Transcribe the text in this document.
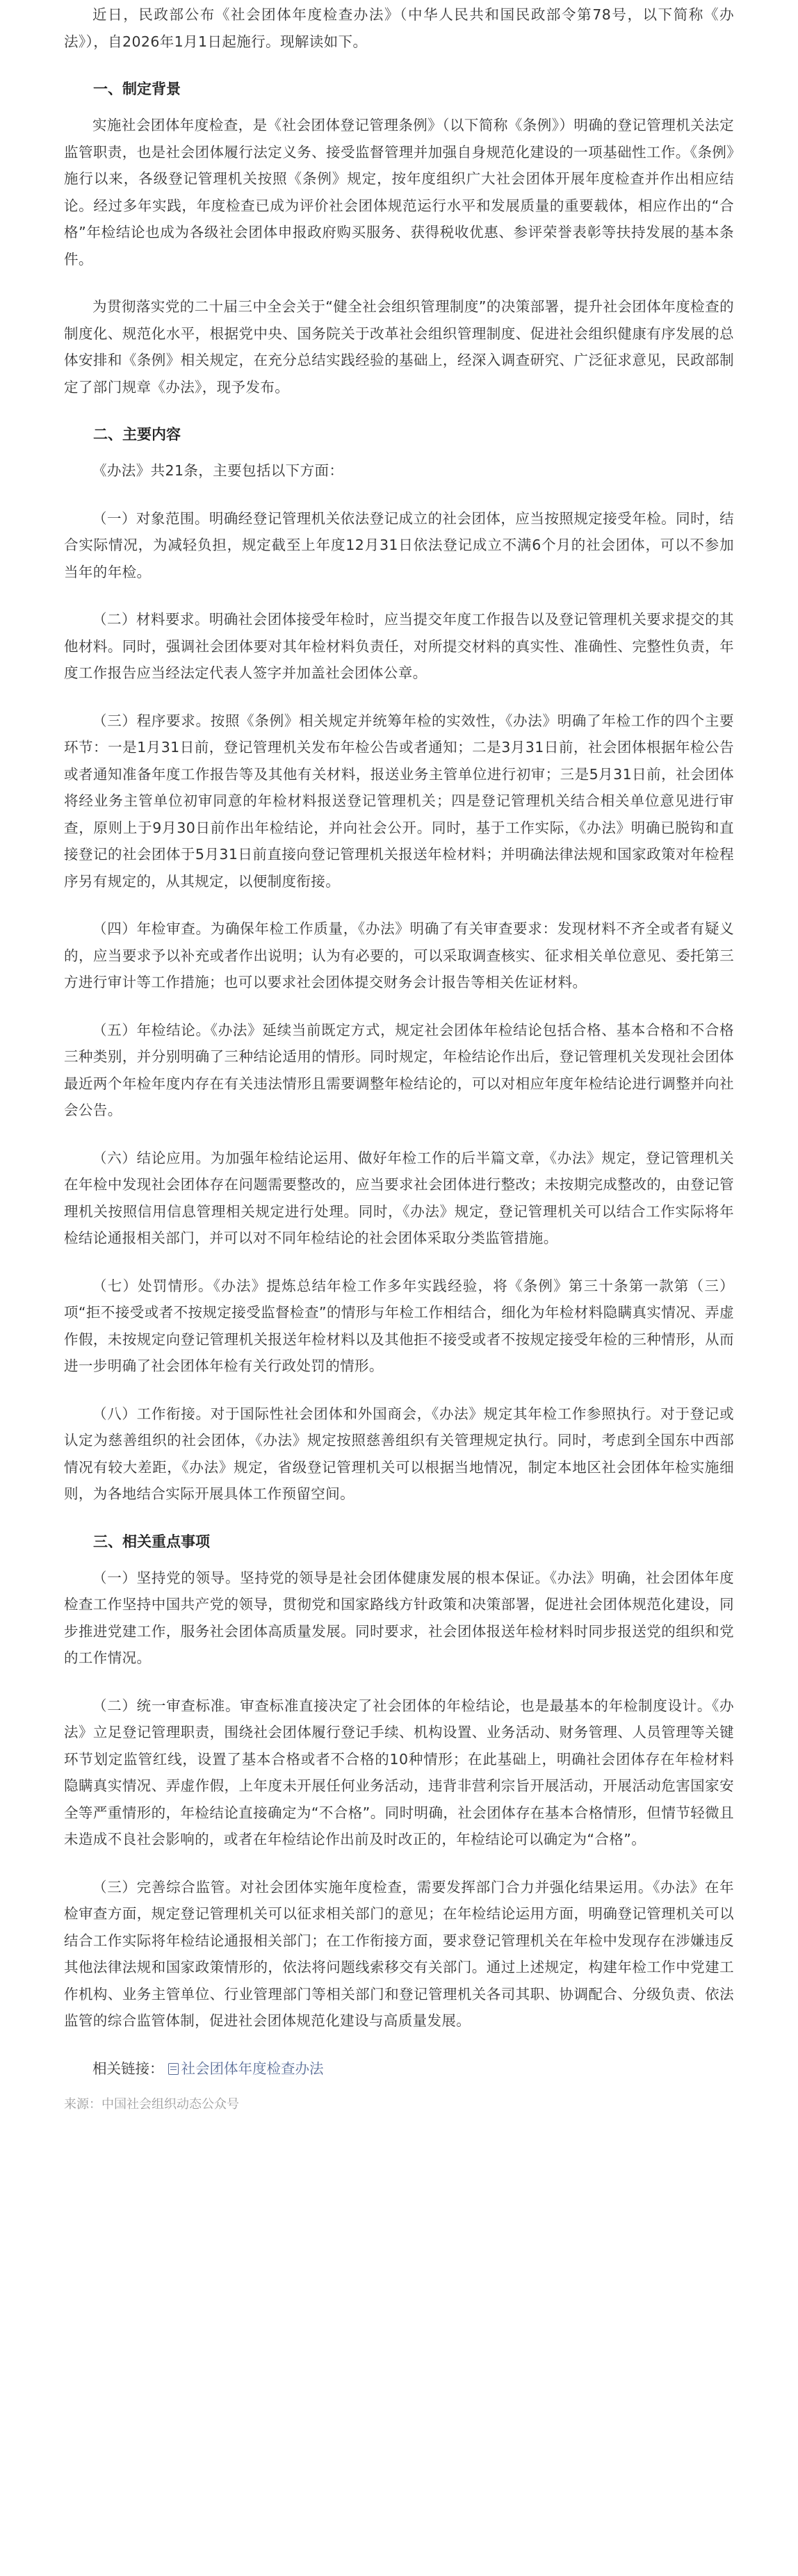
近日，民政部公布《社会团体年度检查办法》（中华人民共和国民政部令第78号，以下简称《办法》），自2026年1月1日起施行。现解读如下。

一、制定背景

实施社会团体年度检查，是《社会团体登记管理条例》（以下简称《条例》）明确的登记管理机关法定监管职责，也是社会团体履行法定义务、接受监督管理并加强自身规范化建设的一项基础性工作。《条例》施行以来，各级登记管理机关按照《条例》规定，按年度组织广大社会团体开展年度检查并作出相应结论。经过多年实践，年度检查已成为评价社会团体规范运行水平和发展质量的重要载体，相应作出的“合格”年检结论也成为各级社会团体申报政府购买服务、获得税收优惠、参评荣誉表彰等扶持发展的基本条件。

为贯彻落实党的二十届三中全会关于“健全社会组织管理制度”的决策部署，提升社会团体年度检查的制度化、规范化水平，根据党中央、国务院关于改革社会组织管理制度、促进社会组织健康有序发展的总体安排和《条例》相关规定，在充分总结实践经验的基础上，经深入调查研究、广泛征求意见，民政部制定了部门规章《办法》，现予发布。

二、主要内容

《办法》共21条，主要包括以下方面：

（一）对象范围。明确经登记管理机关依法登记成立的社会团体，应当按照规定接受年检。同时，结合实际情况，为减轻负担，规定截至上年度12月31日依法登记成立不满6个月的社会团体，可以不参加当年的年检。

（二）材料要求。明确社会团体接受年检时，应当提交年度工作报告以及登记管理机关要求提交的其他材料。同时，强调社会团体要对其年检材料负责任，对所提交材料的真实性、准确性、完整性负责，年度工作报告应当经法定代表人签字并加盖社会团体公章。

（三）程序要求。按照《条例》相关规定并统筹年检的实效性，《办法》明确了年检工作的四个主要环节：一是1月31日前，登记管理机关发布年检公告或者通知；二是3月31日前，社会团体根据年检公告或者通知准备年度工作报告等及其他有关材料，报送业务主管单位进行初审；三是5月31日前，社会团体将经业务主管单位初审同意的年检材料报送登记管理机关；四是登记管理机关结合相关单位意见进行审查，原则上于9月30日前作出年检结论，并向社会公开。同时，基于工作实际，《办法》明确已脱钩和直接登记的社会团体于5月31日前直接向登记管理机关报送年检材料；并明确法律法规和国家政策对年检程序另有规定的，从其规定，以便制度衔接。

（四）年检审查。为确保年检工作质量，《办法》明确了有关审查要求：发现材料不齐全或者有疑义的，应当要求予以补充或者作出说明；认为有必要的，可以采取调查核实、征求相关单位意见、委托第三方进行审计等工作措施；也可以要求社会团体提交财务会计报告等相关佐证材料。

（五）年检结论。《办法》延续当前既定方式，规定社会团体年检结论包括合格、基本合格和不合格三种类别，并分别明确了三种结论适用的情形。同时规定，年检结论作出后，登记管理机关发现社会团体最近两个年检年度内存在有关违法情形且需要调整年检结论的，可以对相应年度年检结论进行调整并向社会公告。

（六）结论应用。为加强年检结论运用、做好年检工作的后半篇文章，《办法》规定，登记管理机关在年检中发现社会团体存在问题需要整改的，应当要求社会团体进行整改；未按期完成整改的，由登记管理机关按照信用信息管理相关规定进行处理。同时，《办法》规定，登记管理机关可以结合工作实际将年检结论通报相关部门，并可以对不同年检结论的社会团体采取分类监管措施。

（七）处罚情形。《办法》提炼总结年检工作多年实践经验，将《条例》第三十条第一款第（三）项“拒不接受或者不按规定接受监督检查”的情形与年检工作相结合，细化为年检材料隐瞒真实情况、弄虚作假，未按规定向登记管理机关报送年检材料以及其他拒不接受或者不按规定接受年检的三种情形，从而进一步明确了社会团体年检有关行政处罚的情形。

（八）工作衔接。对于国际性社会团体和外国商会，《办法》规定其年检工作参照执行。对于登记或认定为慈善组织的社会团体，《办法》规定按照慈善组织有关管理规定执行。同时，考虑到全国东中西部情况有较大差距，《办法》规定，省级登记管理机关可以根据当地情况，制定本地区社会团体年检实施细则，为各地结合实际开展具体工作预留空间。

三、相关重点事项

（一）坚持党的领导。坚持党的领导是社会团体健康发展的根本保证。《办法》明确，社会团体年度检查工作坚持中国共产党的领导，贯彻党和国家路线方针政策和决策部署，促进社会团体规范化建设，同步推进党建工作，服务社会团体高质量发展。同时要求，社会团体报送年检材料时同步报送党的组织和党的工作情况。

（二）统一审查标准。审查标准直接决定了社会团体的年检结论，也是最基本的年检制度设计。《办法》立足登记管理职责，围绕社会团体履行登记手续、机构设置、业务活动、财务管理、人员管理等关键环节划定监管红线，设置了基本合格或者不合格的10种情形；在此基础上，明确社会团体存在年检材料隐瞒真实情况、弄虚作假，上年度未开展任何业务活动，违背非营利宗旨开展活动，开展活动危害国家安全等严重情形的，年检结论直接确定为“不合格”。同时明确，社会团体存在基本合格情形，但情节轻微且未造成不良社会影响的，或者在年检结论作出前及时改正的，年检结论可以确定为“合格”。

（三）完善综合监管。对社会团体实施年度检查，需要发挥部门合力并强化结果运用。《办法》在年检审查方面，规定登记管理机关可以征求相关部门的意见；在年检结论运用方面，明确登记管理机关可以结合工作实际将年检结论通报相关部门；在工作衔接方面，要求登记管理机关在年检中发现存在涉嫌违反其他法律法规和国家政策情形的，依法将问题线索移交有关部门。通过上述规定，构建年检工作中党建工作机构、业务主管单位、行业管理部门等相关部门和登记管理机关各司其职、协调配合、分级负责、依法监管的综合监管体制，促进社会团体规范化建设与高质量发展。

相关链接： 社会团体年度检查办法

来源：中国社会组织动态公众号
